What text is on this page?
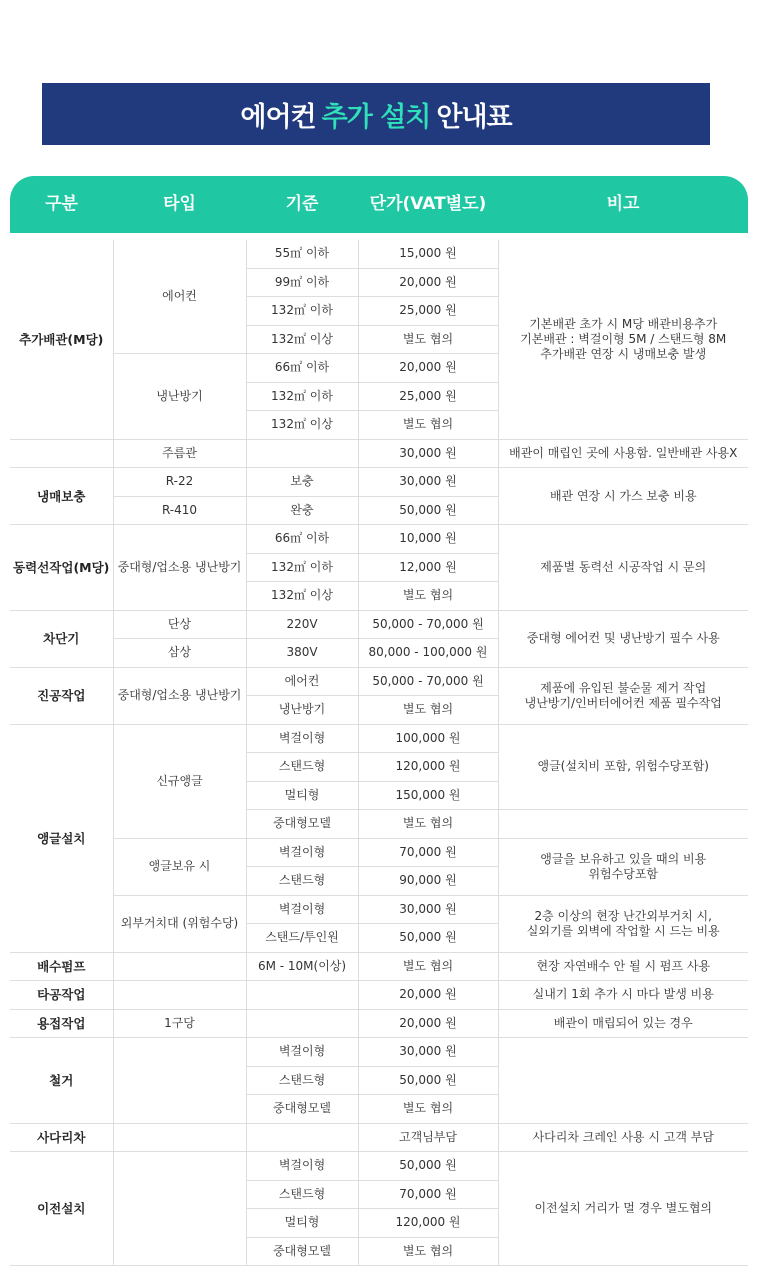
에어컨 추가 설치 안내표
구분	타입	기준	단가(VAT별도)	비고
추가배관(M당)	에어컨	55㎡ 이하	15,000 원	기본배관 초가 시 M당 배관비용추가
기본배관 : 벽걸이형 5M / 스탠드형 8M
추가배관 연장 시 냉매보충 발생
		99㎡ 이하	20,000 원	
		132㎡ 이하	25,000 원	
		132㎡ 이상	별도 협의	
	냉난방기	66㎡ 이하	20,000 원	
		132㎡ 이하	25,000 원	
		132㎡ 이상	별도 협의	
	주름관		30,000 원	배관이 매립인 곳에 사용함. 일반배관 사용X
냉매보충	R-22	보충	30,000 원	배관 연장 시 가스 보충 비용
	R-410	완충	50,000 원	
동력선작업(M당)	중대형/업소용 냉난방기	66㎡ 이하	10,000 원	제품별 동력선 시공작업 시 문의
		132㎡ 이하	12,000 원	
		132㎡ 이상	별도 협의	
차단기	단상	220V	50,000 - 70,000 원	중대형 에어컨 및 냉난방기 필수 사용
	삼상	380V	80,000 - 100,000 원	
진공작업	중대형/업소용 냉난방기	에어컨	50,000 - 70,000 원	제품에 유입된 불순물 제거 작업
냉난방기/인버터에어컨 제품 필수작업
		냉난방기	별도 협의	
앵글설치	신규앵글	벽걸이형	100,000 원	앵글(설치비 포함, 위험수당포함)
		스탠드형	120,000 원	
		멀티형	150,000 원	
		중대형모델	별도 협의	
	앵글보유 시	벽걸이형	70,000 원	앵글을 보유하고 있을 때의 비용
위험수당포함
		스탠드형	90,000 원	
	외부거치대 (위험수당)	벽걸이형	30,000 원	2층 이상의 현장 난간외부거치 시,
실외기를 외벽에 작업할 시 드는 비용
		스탠드/투인원	50,000 원	
배수펌프		6M - 10M(이상)	별도 협의	현장 자연배수 안 될 시 펌프 사용
타공작업			20,000 원	실내기 1회 추가 시 마다 발생 비용
용접작업	1구당		20,000 원	배관이 매립되어 있는 경우
철거		벽걸이형	30,000 원	
		스탠드형	50,000 원	
		중대형모델	별도 협의	
사다리차			고객님부담	사다리차 크레인 사용 시 고객 부담
이전설치		벽걸이형	50,000 원	이전설치 거리가 멀 경우 별도협의
		스탠드형	70,000 원	
		멀티형	120,000 원	
		중대형모델	별도 협의	
